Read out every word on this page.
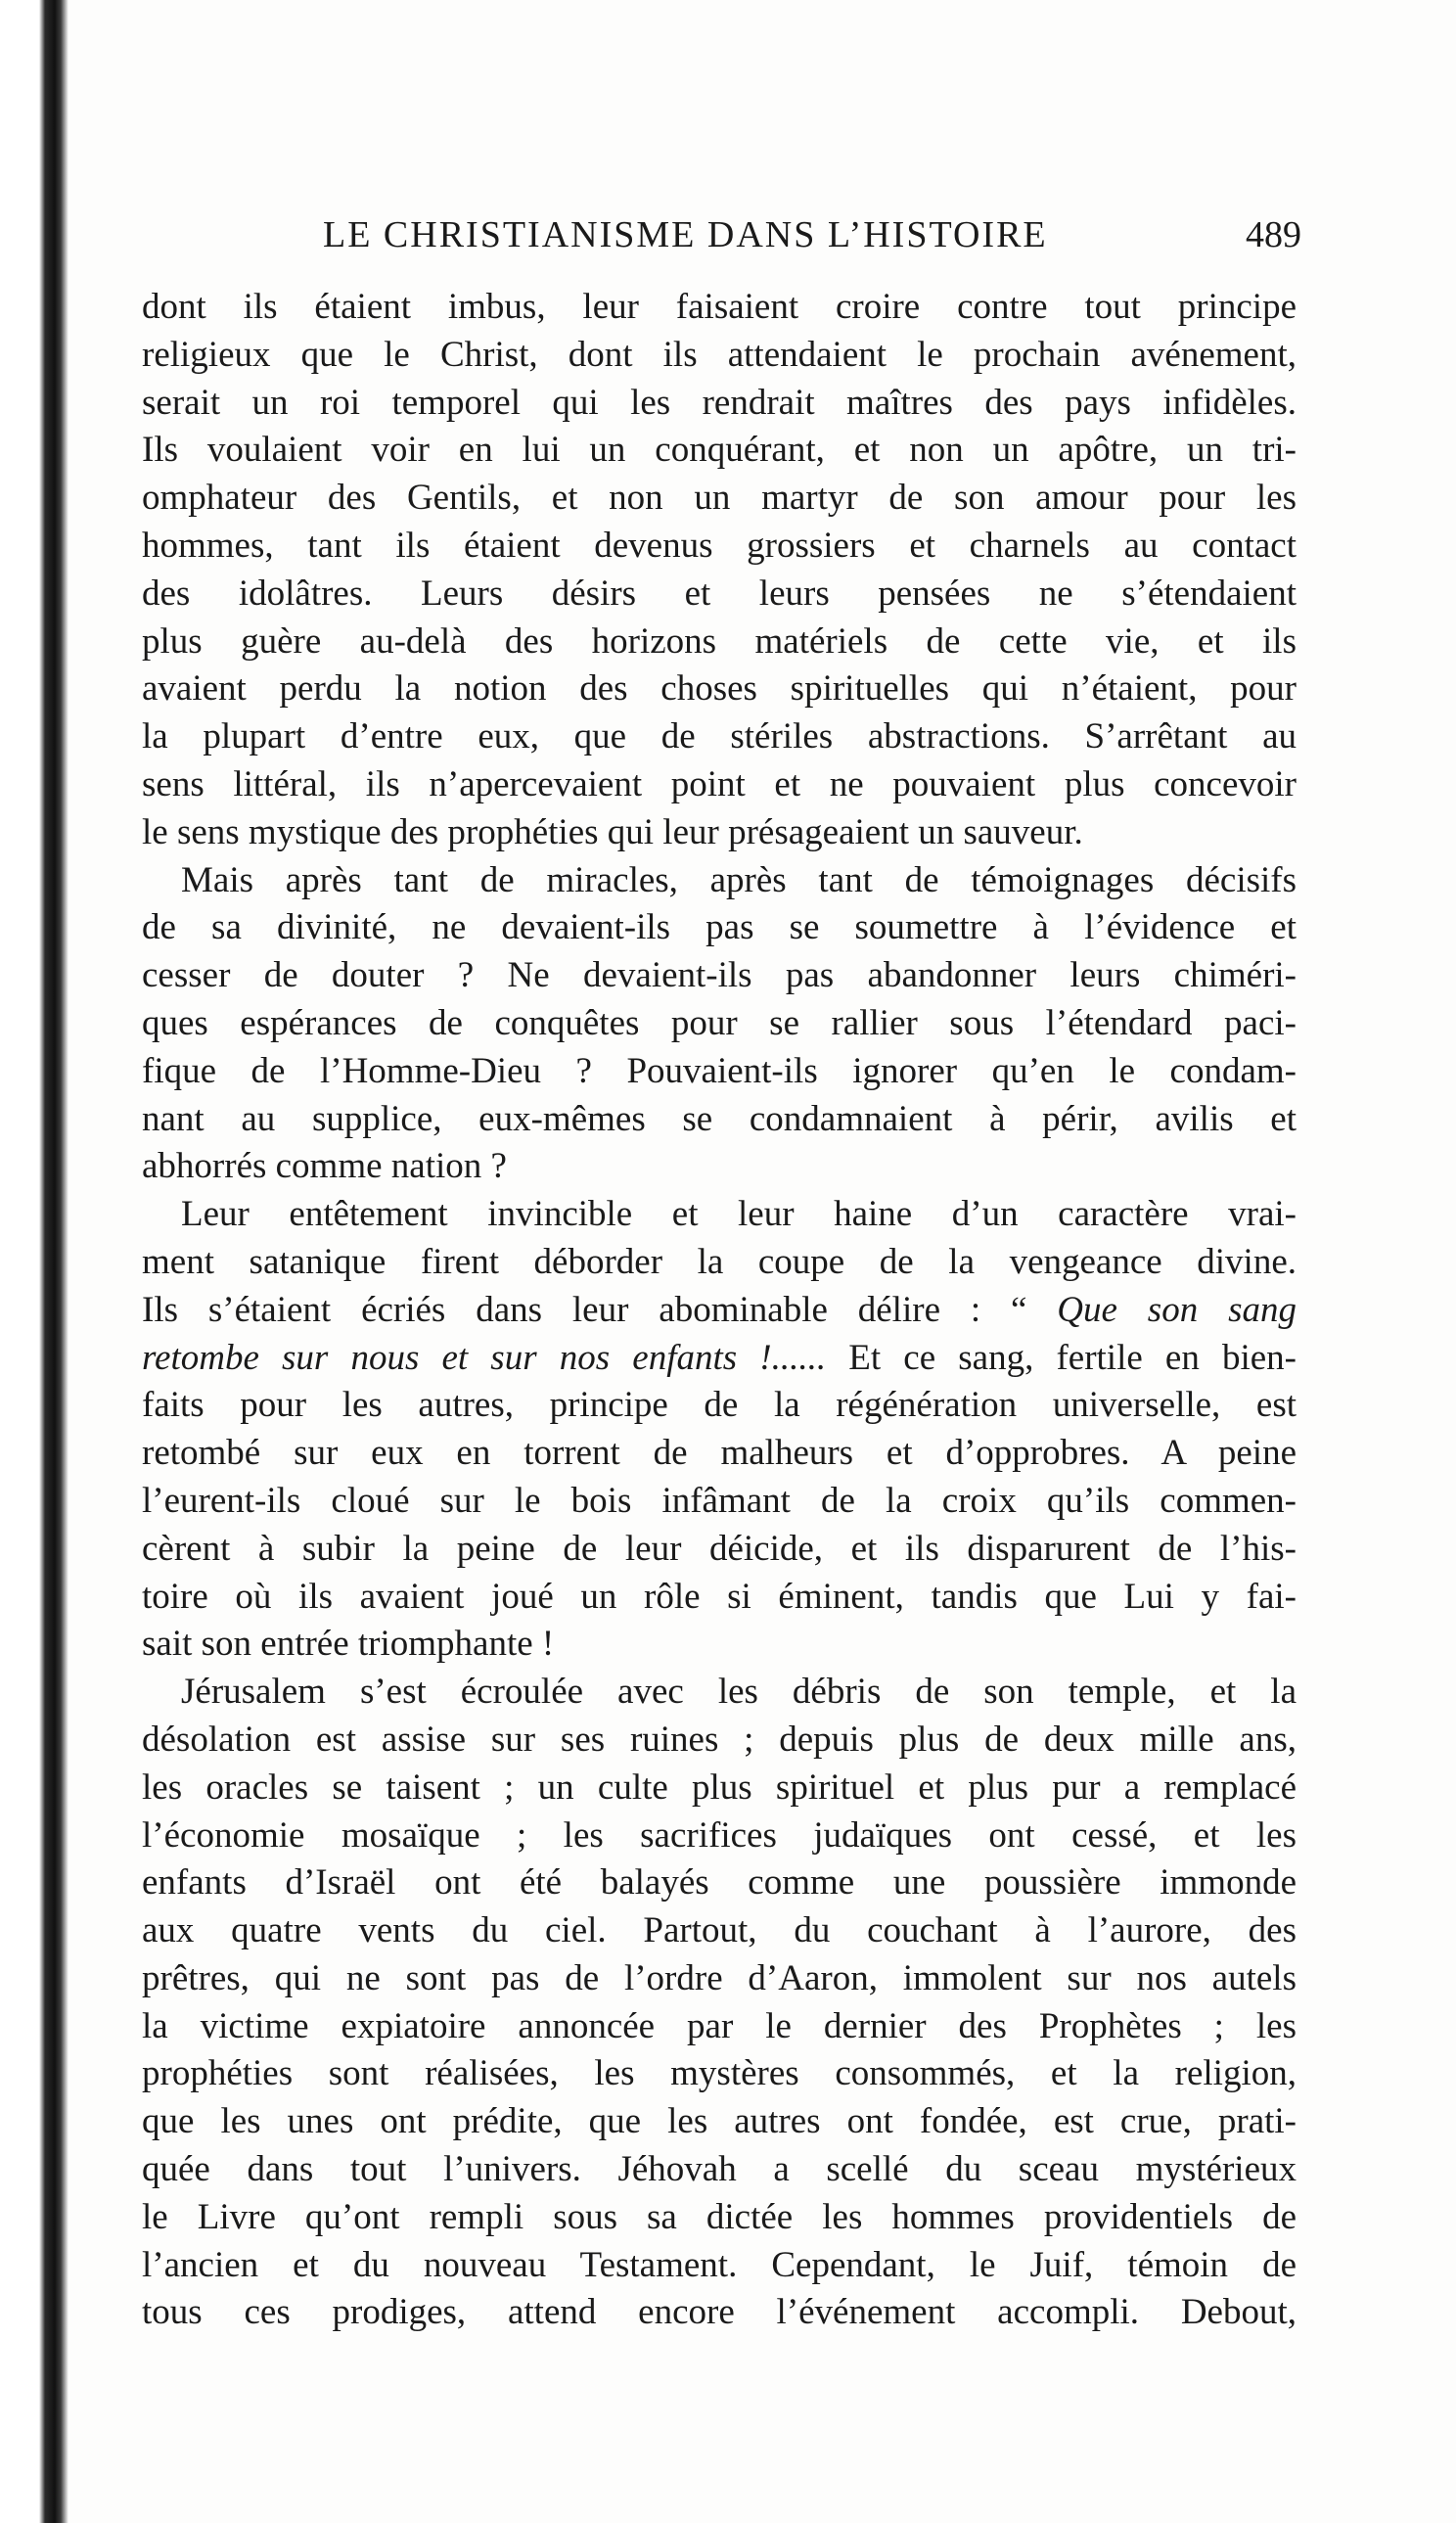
LE CHRISTIANISME DANS L’HISTOIRE	489
dont ils étaient imbus, leur faisaient croire contre tout principe
religieux que le Christ, dont ils attendaient le prochain avénement,
serait un roi temporel qui les rendrait maîtres des pays infidèles.
Ils voulaient voir en lui un conquérant, et non un apôtre, un tri-
omphateur des Gentils, et non un martyr de son amour pour les
hommes, tant ils étaient devenus grossiers et charnels au contact
des idolâtres. Leurs désirs et leurs pensées ne s’étendaient
plus guère au-delà des horizons matériels de cette vie, et ils
avaient perdu la notion des choses spirituelles qui n’étaient, pour
la plupart d’entre eux, que de stériles abstractions. S’arrêtant au
sens littéral, ils n’apercevaient point et ne pouvaient plus concevoir
le sens mystique des prophéties qui leur présageaient un sauveur.
Mais après tant de miracles, après tant de témoignages décisifs
de sa divinité, ne devaient-ils pas se soumettre à l’évidence et
cesser de douter ? Ne devaient-ils pas abandonner leurs chiméri-
ques espérances de conquêtes pour se rallier sous l’étendard paci-
fique de l’Homme-Dieu ? Pouvaient-ils ignorer qu’en le condam-
nant au supplice, eux-mêmes se condamnaient à périr, avilis et
abhorrés comme nation ?
Leur entêtement invincible et leur haine d’un caractère vrai-
ment satanique firent déborder la coupe de la vengeance divine.
Ils s’étaient écriés dans leur abominable délire : “ Que son sang
retombe sur nous et sur nos enfants !...... Et ce sang, fertile en bien-
faits pour les autres, principe de la régénération universelle, est
retombé sur eux en torrent de malheurs et d’opprobres. A peine
l’eurent-ils cloué sur le bois infâmant de la croix qu’ils commen-
cèrent à subir la peine de leur déicide, et ils disparurent de l’his-
toire où ils avaient joué un rôle si éminent, tandis que Lui y fai-
sait son entrée triomphante !
Jérusalem s’est écroulée avec les débris de son temple, et la
désolation est assise sur ses ruines ; depuis plus de deux mille ans,
les oracles se taisent ; un culte plus spirituel et plus pur a remplacé
l’économie mosaïque ; les sacrifices judaïques ont cessé, et les
enfants d’Israël ont été balayés comme une poussière immonde
aux quatre vents du ciel. Partout, du couchant à l’aurore, des
prêtres, qui ne sont pas de l’ordre d’Aaron, immolent sur nos autels
la victime expiatoire annoncée par le dernier des Prophètes ; les
prophéties sont réalisées, les mystères consommés, et la religion,
que les unes ont prédite, que les autres ont fondée, est crue, prati-
quée dans tout l’univers. Jéhovah a scellé du sceau mystérieux
le Livre qu’ont rempli sous sa dictée les hommes providentiels de
l’ancien et du nouveau Testament. Cependant, le Juif, témoin de
tous ces prodiges, attend encore l’événement accompli. Debout,
